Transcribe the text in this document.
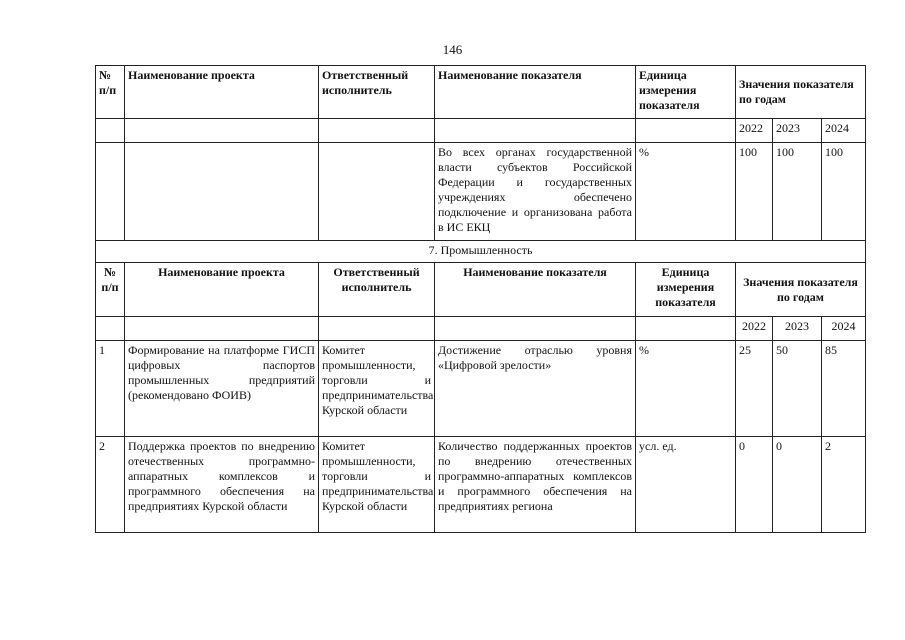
146
№ п/п	Наименование проекта	Ответственный исполнитель	Наименование показателя	Единица измерения показателя	Значения показателя по годам		
					2022	2023	2024
			Во всех органах государственной власти субъектов Российской Федерации и государственных учреждениях обеспечено подключение и организована работа в ИС ЕКЦ	%	100	100	100
7. Промышленность							
№ п/п	Наименование проекта	Ответственный исполнитель	Наименование показателя	Единица измерения показателя	Значения показателя по годам		
					2022	2023	2024
1	Формирование на платформе ГИСП цифровых паспортов промышленных предприятий (рекомендовано ФОИВ)	Комитет промышленности, торговли и предпринимательства Курской области	Достижение отраслью уровня «Цифровой зрелости»	%	25	50	85
2	Поддержка проектов по внедрению отечественных программно-аппаратных комплексов и программного обеспечения на предприятиях Курской области	Комитет промышленности, торговли и предпринимательства Курской области	Количество поддержанных проектов по внедрению отечественных программно-аппаратных комплексов и программного обеспечения на предприятиях региона	усл. ед.	0	0	2
